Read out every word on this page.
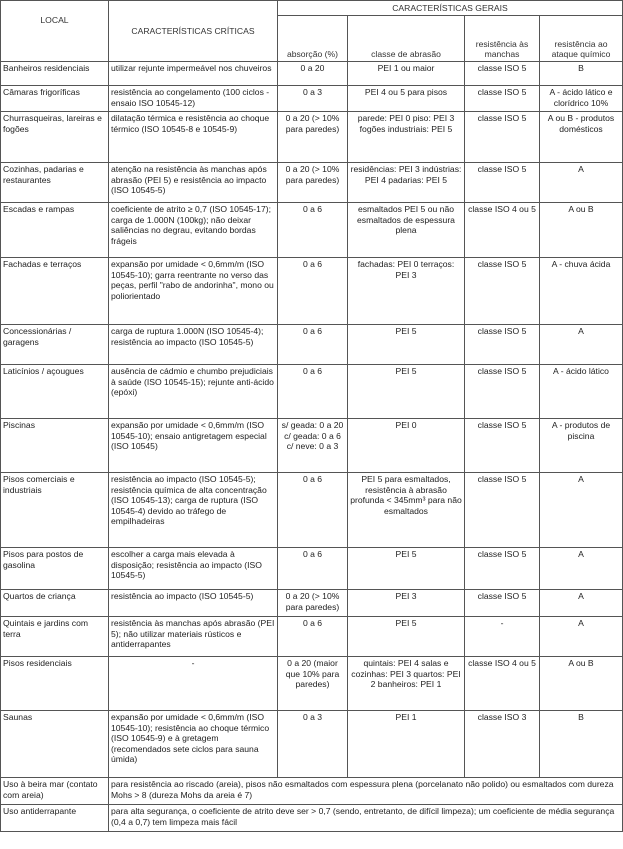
LOCAL	CARACTERÍSTICAS CRÍTICAS	CARACTERÍSTICAS GERAIS			
		absorção (%)	classe de abrasão	resistência às manchas	resistência ao ataque químico
Banheiros residenciais	utilizar rejunte impermeável nos chuveiros	0 a 20	PEI 1 ou maior	classe ISO 5	B
Câmaras frigoríficas	resistência ao congelamento (100 ciclos - ensaio ISO 10545-12)	0 a 3	PEI 4 ou 5 para pisos	classe ISO 5	A - ácido lático e clorídrico 10%
Churrasqueiras, lareiras e fogões	dilatação térmica e resistência ao choque térmico (ISO 10545-8 e 10545-9)	0 a 20 (> 10% para paredes)	parede: PEI 0 piso: PEI 3 fogões industriais: PEI 5	classe ISO 5	A ou B - produtos domésticos
Cozinhas, padarias e restaurantes	atenção na resistência às manchas após abrasão (PEI 5) e resistência ao impacto (ISO 10545-5)	0 a 20 (> 10% para paredes)	residências: PEI 3 indústrias: PEI 4 padarias: PEI 5	classe ISO 5	A
Escadas e rampas	coeficiente de atrito ≥ 0,7 (ISO 10545-17); carga de 1.000N (100kg); não deixar saliências no degrau, evitando bordas frágeis	0 a 6	esmaltados PEI 5 ou não esmaltados de espessura plena	classe ISO 4 ou 5	A ou B
Fachadas e terraços	expansão por umidade < 0,6mm/m (ISO 10545-10); garra reentrante no verso das peças, perfil "rabo de andorinha", mono ou poliorientado	0 a 6	fachadas: PEI 0 terraços: PEI 3	classe ISO 5	A - chuva ácida
Concessionárias / garagens	carga de ruptura 1.000N (ISO 10545-4); resistência ao impacto (ISO 10545-5)	0 a 6	PEI 5	classe ISO 5	A
Laticínios / açougues	ausência de cádmio e chumbo prejudiciais à saúde (ISO 10545-15); rejunte anti-ácido (epóxi)	0 a 6	PEI 5	classe ISO 5	A - ácido lático
Piscinas	expansão por umidade < 0,6mm/m (ISO 10545-10); ensaio antigretagem especial (ISO 10545)	s/ geada: 0 a 20 c/ geada: 0 a 6 c/ neve: 0 a 3	PEI 0	classe ISO 5	A - produtos de piscina
Pisos comerciais e industriais	resistência ao impacto (ISO 10545-5); resistência química de alta concentração (ISO 10545-13); carga de ruptura (ISO 10545-4) devido ao tráfego de empilhadeiras	0 a 6	PEI 5 para esmaltados, resistência à abrasão profunda < 345mm³ para não esmaltados	classe ISO 5	A
Pisos para postos de gasolina	escolher a carga mais elevada à disposição; resistência ao impacto (ISO 10545-5)	0 a 6	PEI 5	classe ISO 5	A
Quartos de criança	resistência ao impacto (ISO 10545-5)	0 a 20 (> 10% para paredes)	PEI 3	classe ISO 5	A
Quintais e jardins com terra	resistência às manchas após abrasão (PEI 5); não utilizar materiais rústicos e antiderrapantes	0 a 6	PEI 5	-	A
Pisos residenciais	-	0 a 20 (maior que 10% para paredes)	quintais: PEI 4 salas e cozinhas: PEI 3 quartos: PEI 2 banheiros: PEI 1	classe ISO 4 ou 5	A ou B
Saunas	expansão por umidade < 0,6mm/m (ISO 10545-10); resistência ao choque térmico (ISO 10545-9) e à gretagem (recomendados sete ciclos para sauna úmida)	0 a 3	PEI 1	classe ISO 3	B
Uso à beira mar (contato com areia)	para resistência ao riscado (areia), pisos não esmaltados com espessura plena (porcelanato não polido) ou esmaltados com dureza Mohs > 8 (dureza Mohs da areia é 7)				
Uso antiderrapante	para alta segurança, o coeficiente de atrito deve ser > 0,7 (sendo, entretanto, de difícil limpeza); um coeficiente de média segurança (0,4 a 0,7) tem limpeza mais fácil				
